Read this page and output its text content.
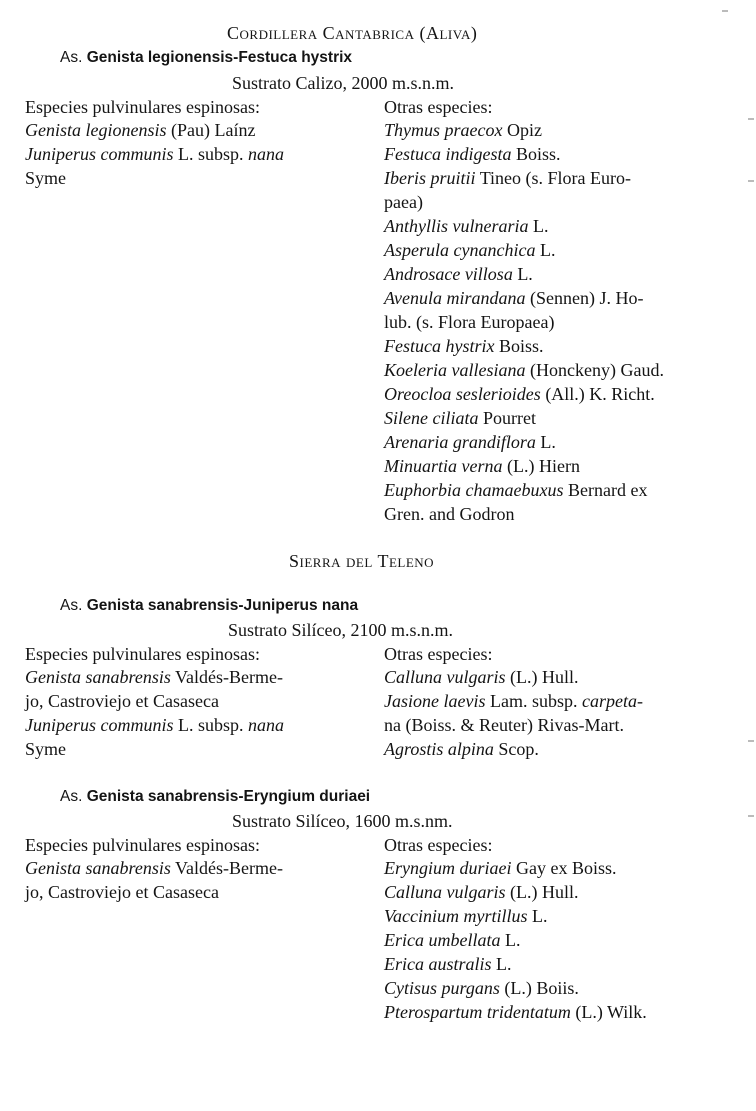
Cordillera Cantabrica (Aliva)
As. Genista legionensis-Festuca hystrix
Sustrato Calizo, 2000 m.s.n.m.
Especies pulvinulares espinosas:	Otras especies:
Genista legionensis (Pau) Laínz
Juniperus communis L. subsp. nana
Syme
Thymus praecox Opiz
Festuca indigesta Boiss.
Iberis pruitii Tineo (s. Flora Euro-
paea)
Anthyllis vulneraria L.
Asperula cynanchica L.
Androsace villosa L.
Avenula mirandana (Sennen) J. Ho-
lub. (s. Flora Europaea)
Festuca hystrix Boiss.
Koeleria vallesiana (Honckeny) Gaud.
Oreocloa seslerioides (All.) K. Richt.
Silene ciliata Pourret
Arenaria grandiflora L.
Minuartia verna (L.) Hiern
Euphorbia chamaebuxus Bernard ex
Gren. and Godron
Sierra del Teleno
As. Genista sanabrensis-Juniperus nana
Sustrato Silíceo, 2100 m.s.n.m.
Especies pulvinulares espinosas:	Otras especies:
Genista sanabrensis Valdés-Berme-
jo, Castroviejo et Casaseca
Juniperus communis L. subsp. nana
Syme
Calluna vulgaris (L.) Hull.
Jasione laevis Lam. subsp. carpeta-
na (Boiss. & Reuter) Rivas-Mart.
Agrostis alpina Scop.
As. Genista sanabrensis-Eryngium duriaei
Sustrato Silíceo, 1600 m.s.nm.
Especies pulvinulares espinosas:	Otras especies:
Genista sanabrensis Valdés-Berme-
jo, Castroviejo et Casaseca
Eryngium duriaei Gay ex Boiss.
Calluna vulgaris (L.) Hull.
Vaccinium myrtillus L.
Erica umbellata L.
Erica australis L.
Cytisus purgans (L.) Boiis.
Pterospartum tridentatum (L.) Wilk.
